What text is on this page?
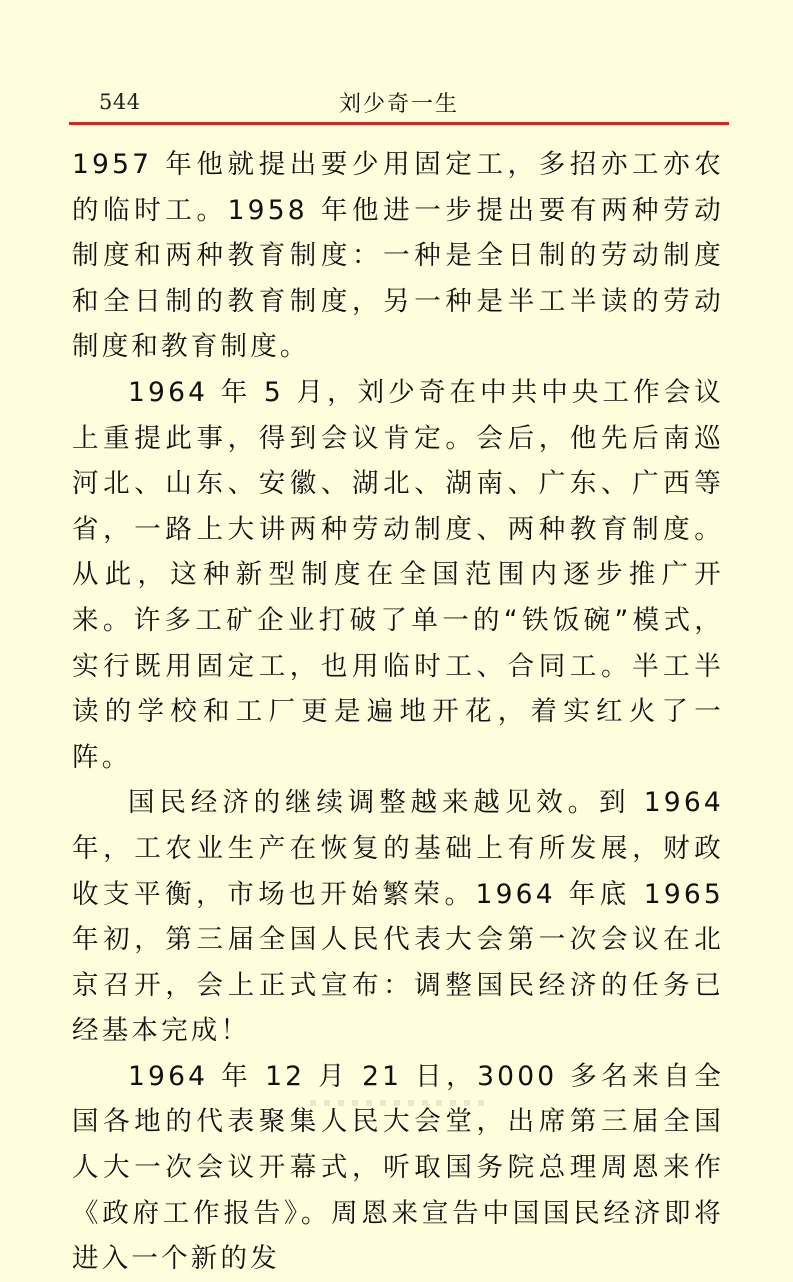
544	刘少奇一生

1957 年他就提出要少用固定工，多招亦工亦农的临时工。1958 年他进一步提出要有两种劳动制度和两种教育制度：一种是全日制的劳动制度和全日制的教育制度，另一种是半工半读的劳动制度和教育制度。

1964 年 5 月，刘少奇在中共中央工作会议上重提此事，得到会议肯定。会后，他先后南巡河北、山东、安徽、湖北、湖南、广东、广西等省，一路上大讲两种劳动制度、两种教育制度。从此，这种新型制度在全国范围内逐步推广开来。许多工矿企业打破了单一的“铁饭碗”模式，实行既用固定工，也用临时工、合同工。半工半读的学校和工厂更是遍地开花，着实红火了一阵。

国民经济的继续调整越来越见效。到 1964 年，工农业生产在恢复的基础上有所发展，财政收支平衡，市场也开始繁荣。1964 年底 1965 年初，第三届全国人民代表大会第一次会议在北京召开，会上正式宣布：调整国民经济的任务已经基本完成！

1964 年 12 月 21 日，3000 多名来自全国各地的代表聚集人民大会堂，出席第三届全国人大一次会议开幕式，听取国务院总理周恩来作《政府工作报告》。周恩来宣告中国国民经济即将进入一个新的发
